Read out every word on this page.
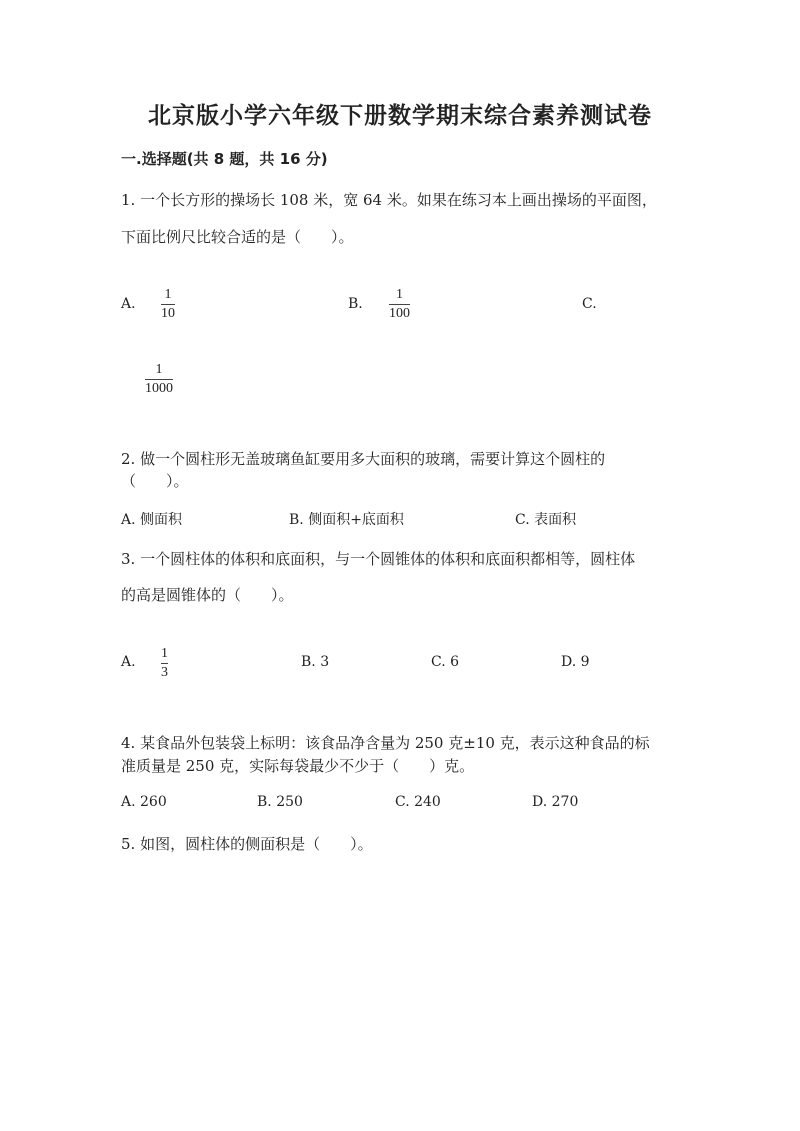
北京版小学六年级下册数学期末综合素养测试卷
一.选择题(共 8 题，共 16 分)
1. 一个长方形的操场长 108 米，宽 64 米。如果在练习本上画出操场的平面图，
下面比例尺比较合适的是（　　）。
A.
1
10
B.
1
100
C.
1
1000
2. 做一个圆柱形无盖玻璃鱼缸要用多大面积的玻璃，需要计算这个圆柱的
（　　）。
A. 侧面积	B. 侧面积+底面积	C. 表面积
3. 一个圆柱体的体积和底面积，与一个圆锥体的体积和底面积都相等，圆柱体
的高是圆锥体的（　　）。
A.
1
3
B. 3	C. 6	D. 9
4. 某食品外包装袋上标明：该食品净含量为 250 克±10 克，表示这种食品的标
准质量是 250 克，实际每袋最少不少于（　　）克。
A. 260	B. 250	C. 240	D. 270
5. 如图，圆柱体的侧面积是（　　）。
